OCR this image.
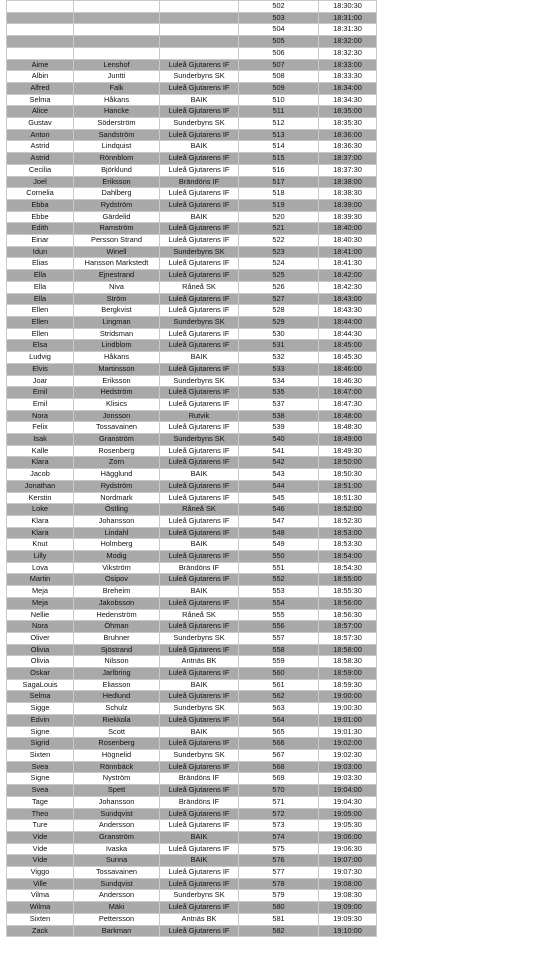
			502	18:30:30
			503	18:31:00
			504	18:31:30
			505	18:32:00
			506	18:32:30
Aime	Lenshof	Luleå Gjutarens IF	507	18:33:00
Albin	Juntti	Sunderbyns SK	508	18:33:30
Alfred	Falk	Luleå Gjutarens IF	509	18:34:00
Selma	Håkans	BAIK	510	18:34:30
Alice	Hancke	Luleå Gjutarens IF	511	18:35:00
Gustav	Söderström	Sunderbyns SK	512	18:35:30
Anton	Sandström	Luleå Gjutarens IF	513	18:36:00
Astrid	Lindquist	BAIK	514	18:36:30
Astrid	Rönnblom	Luleå Gjutarens IF	515	18:37:00
Cecilia	Björklund	Luleå Gjutarens IF	516	18:37:30
Joel	Eriksson	Brändöns IF	517	18:38:00
Cornelia	Dahlberg	Luleå Gjutarens IF	518	18:38:30
Ebba	Rydström	Luleå Gjutarens IF	519	18:39:00
Ebbe	Gärdelid	BAIK	520	18:39:30
Edith	Ramström	Luleå Gjutarens IF	521	18:40:00
Einar	Persson Strand	Luleå Gjutarens IF	522	18:40:30
Idun	Winell	Sunderbyns SK	523	18:41:00
Elias	Hansson Markstedt	Luleå Gjutarens IF	524	18:41:30
Ella	Ejnestrand	Luleå Gjutarens IF	525	18:42:00
Ella	Niva	Råneå SK	526	18:42:30
Ella	Ström	Luleå Gjutarens IF	527	18:43:00
Ellen	Bergkvist	Luleå Gjutarens IF	528	18:43:30
Ellen	Lingman	Sunderbyns SK	529	18:44:00
Ellen	Stridsman	Luleå Gjutarens IF	530	18:44:30
Elsa	Lindblom	Luleå Gjutarens IF	531	18:45:00
Ludvig	Håkans	BAIK	532	18:45:30
Elvis	Martinsson	Luleå Gjutarens IF	533	18:46:00
Joar	Eriksson	Sunderbyns SK	534	18:46:30
Emil	Hedström	Luleå Gjutarens IF	535	18:47:00
Emil	Klisics	Luleå Gjutarens IF	537	18:47:30
Nora	Jonsson	Rutvik	538	18:48:00
Felix	Tossavainen	Luleå Gjutarens IF	539	18:48:30
Isak	Granström	Sunderbyns SK	540	18:49:00
Kalle	Rosenberg	Luleå Gjutarens IF	541	18:49:30
Klara	Zorn	Luleå Gjutarens IF	542	18:50:00
Jacob	Hägglund	BAIK	543	18:50:30
Jonathan	Rydström	Luleå Gjutarens IF	544	18:51:00
Kerstin	Nordmark	Luleå Gjutarens IF	545	18:51:30
Loke	Östling	Råneå SK	546	18:52:00
Klara	Johansson	Luleå Gjutarens IF	547	18:52:30
Klara	Lindahl	Luleå Gjutarens IF	548	18:53:00
Knut	Holmberg	BAIK	549	18:53:30
Lilly	Modig	Luleå Gjutarens IF	550	18:54:00
Lova	Vikström	Brändöns IF	551	18:54:30
Martin	Osipov	Luleå Gjutarens IF	552	18:55:00
Meja	Breheim	BAIK	553	18:55:30
Meja	Jakobsson	Luleå Gjutarens IF	554	18:56:00
Nellie	Hedenström	Råneå SK	555	18:56:30
Nora	Öhman	Luleå Gjutarens IF	556	18:57:00
Oliver	Bruhner	Sunderbyns SK	557	18:57:30
Olivia	Sjöstrand	Luleå Gjutarens IF	558	18:58:00
Olivia	Nilsson	Antnäs BK	559	18:58:30
Oskar	Jarlbring	Luleå Gjutarens IF	560	18:59:00
SagaLouis	Eliasson	BAIK	561	18:59:30
Selma	Hedlund	Luleå Gjutarens IF	562	19:00:00
Sigge	Schulz	Sunderbyns SK	563	19:00:30
Edvin	Riekkola	Luleå Gjutarens IF	564	19:01:00
Signe	Scott	BAIK	565	19:01:30
Sigrid	Rosenberg	Luleå Gjutarens IF	566	19:02:00
Sixten	Högnelid	Sunderbyns SK	567	19:02:30
Svea	Rönnbäck	Luleå Gjutarens IF	568	19:03:00
Signe	Nyström	Brändöns IF	569	19:03:30
Svea	Spett	Luleå Gjutarens IF	570	19:04:00
Tage	Johansson	Brändöns IF	571	19:04:30
Theo	Sundqvist	Luleå Gjutarens IF	572	19:05:00
Ture	Andersson	Luleå Gjutarens IF	573	19:05:30
Vide	Granström	BAIK	574	19:06:00
Vide	Ivaska	Luleå Gjutarens IF	575	19:06:30
Vide	Sunna	BAIK	576	19:07:00
Viggo	Tossavainen	Luleå Gjutarens IF	577	19:07:30
Ville	Sundqvist	Luleå Gjutarens IF	578	19:08:00
Vilma	Andersson	Sunderbyns SK	579	19:08:30
Wilma	Mäki	Luleå Gjutarens IF	580	19:09:00
Sixten	Pettersson	Antnäs BK	581	19:09:30
Zack	Barkman	Luleå Gjutarens IF	582	19:10:00
